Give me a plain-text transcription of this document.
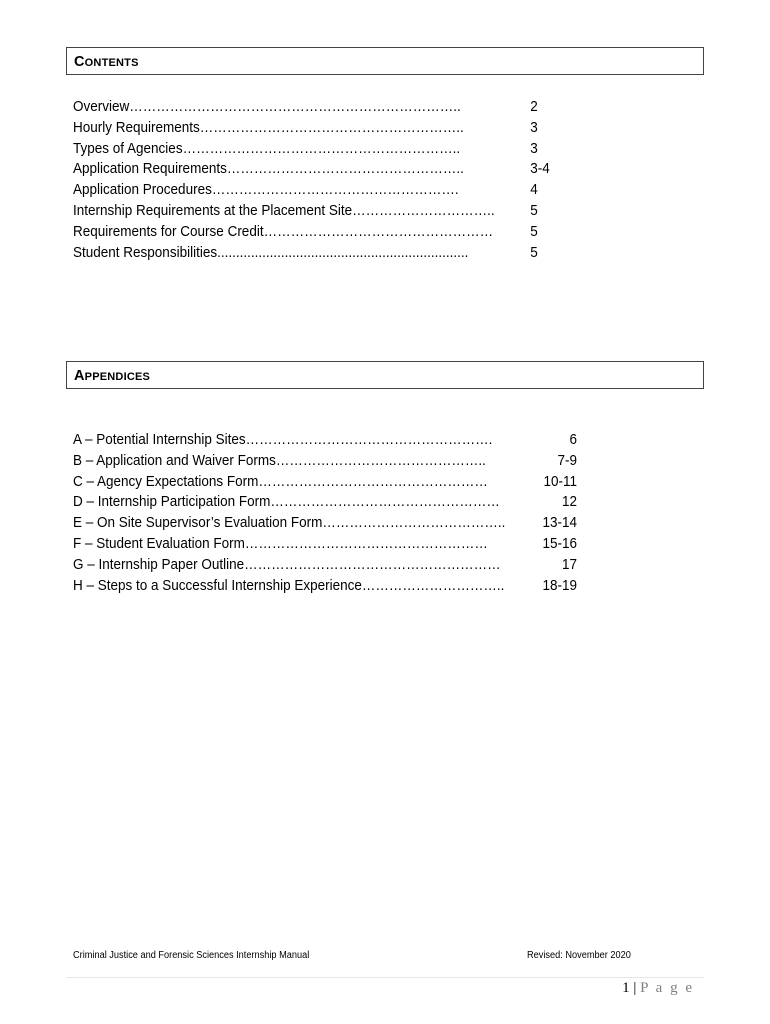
CONTENTS
Overview………………………………………………………………..	2
Hourly Requirements…………………………………………………..	3
Types of Agencies……………………………………………………..	3
Application Requirements……………………………………………..	3-4
Application Procedures……………………………………………….	4
Internship Requirements at the Placement Site…………………………..	5
Requirements for Course Credit……………………………………………	5
Student Responsibilities...................................................................	5
APPENDICES
A – Potential Internship Sites……………………………………………….	6
B – Application and Waiver Forms………………………………………..	7-9
C – Agency Expectations Form……………………………………………	10-11
D – Internship Participation Form……………………………………………	12
E – On Site Supervisor’s Evaluation Form…………………………………..	13-14
F – Student Evaluation Form………………………………………………	15-16
G – Internship Paper Outline…………………………………………………	17
H – Steps to a Successful Internship Experience…………………………..	18-19
Criminal Justice and Forensic Sciences Internship Manual	Revised: November 2020
1 | P a g e
